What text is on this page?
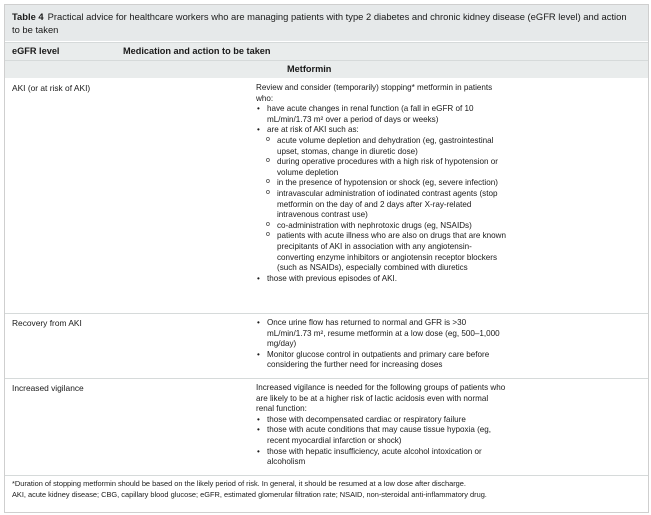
Table 4 Practical advice for healthcare workers who are managing patients with type 2 diabetes and chronic kidney disease (eGFR level) and action to be taken
eGFR level	Medication and action to be taken
Metformin
AKI (or at risk of AKI)	Review and consider (temporarily) stopping* metformin in patients who:
• have acute changes in renal function (a fall in eGFR of 10 mL/min/1.73 m² over a period of days or weeks)
• are at risk of AKI such as:
o acute volume depletion and dehydration (eg, gastrointestinal upset, stomas, change in diuretic dose)
o during operative procedures with a high risk of hypotension or volume depletion
o in the presence of hypotension or shock (eg, severe infection)
o intravascular administration of iodinated contrast agents (stop metformin on the day of and 2 days after X-ray-related intravenous contrast use)
o co-administration with nephrotoxic drugs (eg, NSAIDs)
o patients with acute illness who are also on drugs that are known precipitants of AKI in association with any angiotensin-converting enzyme inhibitors or angiotensin receptor blockers (such as NSAIDs), especially combined with diuretics
• those with previous episodes of AKI.
Recovery from AKI
•	Once urine flow has returned to normal and GFR is >30 mL/min/1.73 m², resume metformin at a low dose (eg, 500–1,000 mg/day)
• Monitor glucose control in outpatients and primary care before considering the further need for increasing doses
Increased vigilance	Increased vigilance is needed for the following groups of patients who are likely to be at a higher risk of lactic acidosis even with normal renal function:
• those with decompensated cardiac or respiratory failure
• those with acute conditions that may cause tissue hypoxia (eg, recent myocardial infarction or shock)
• those with hepatic insufficiency, acute alcohol intoxication or alcoholism
*Duration of stopping metformin should be based on the likely period of risk. In general, it should be resumed at a low dose after discharge.
AKI, acute kidney disease; CBG, capillary blood glucose; eGFR, estimated glomerular filtration rate; NSAID, non-steroidal anti-inflammatory drug.
